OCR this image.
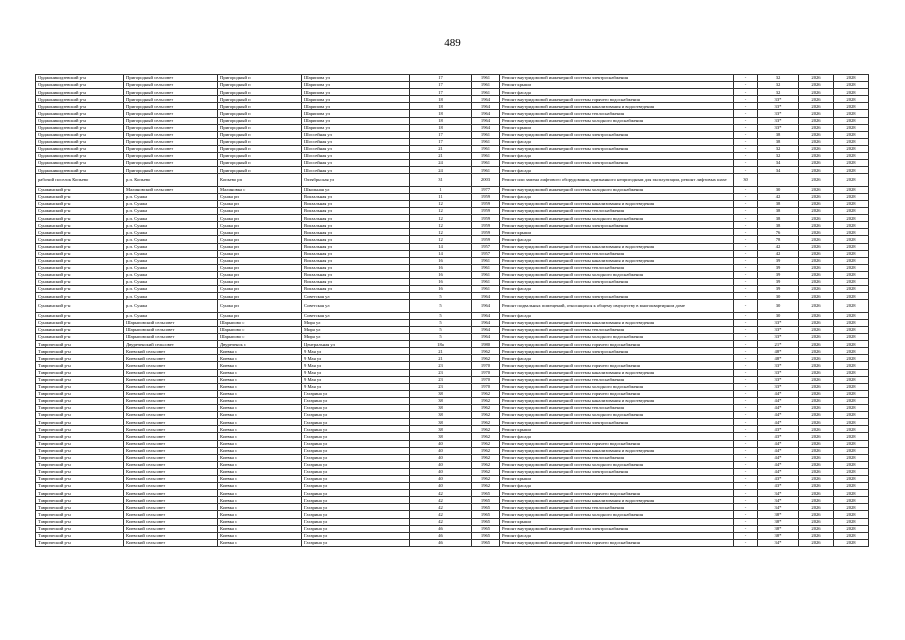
489
Орджоникидзевский р-н	Пригородный сельсовет	Пригородный п	Шарипова ул	17	1961	Ремонт внутридомовой инженерной системы электроснабжения	-	32	2026	2028
Орджоникидзевский р-н	Пригородный сельсовет	Пригородный п	Шарипова ул	17	1961	Ремонт крыши	-	32	2026	2028
Орджоникидзевский р-н	Пригородный сельсовет	Пригородный п	Шарипова ул	17	1961	Ремонт фасада	-	32	2026	2028
Орджоникидзевский р-н	Пригородный сельсовет	Пригородный п	Шарипова ул	18	1964	Ремонт внутридомовой инженерной системы горячего водоснабжения	-	33*	2026	2028
Орджоникидзевский р-н	Пригородный сельсовет	Пригородный п	Шарипова ул	18	1964	Ремонт внутридомовой инженерной системы канализования и водоотведения	-	33*	2026	2028
Орджоникидзевский р-н	Пригородный сельсовет	Пригородный п	Шарипова ул	18	1964	Ремонт внутридомовой инженерной системы теплоснабжения	-	33*	2026	2028
Орджоникидзевский р-н	Пригородный сельсовет	Пригородный п	Шарипова ул	18	1964	Ремонт внутридомовой инженерной системы холодного водоснабжения	-	33*	2026	2028
Орджоникидзевский р-н	Пригородный сельсовет	Пригородный п	Шарипова ул	18	1964	Ремонт крыши	-	33*	2026	2028
Орджоникидзевский р-н	Пригородный сельсовет	Пригородный п	Шоссейная ул	17	1961	Ремонт внутридомовой инженерной системы электроснабжения	-	38	2026	2028
Орджоникидзевский р-н	Пригородный сельсовет	Пригородный п	Шоссейная ул	17	1961	Ремонт фасада	-	38	2026	2028
Орджоникидзевский р-н	Пригородный сельсовет	Пригородный п	Шоссейная ул	21	1961	Ремонт внутридомовой инженерной системы электроснабжения	-	32	2026	2028
Орджоникидзевский р-н	Пригородный сельсовет	Пригородный п	Шоссейная ул	21	1961	Ремонт фасада	-	32	2026	2028
Орджоникидзевский р-н	Пригородный сельсовет	Пригородный п	Шоссейная ул	24	1961	Ремонт внутридомовой инженерной системы электроснабжения	-	34	2026	2028
Орджоникидзевский р-н	Пригородный сельсовет	Пригородный п	Шоссейная ул	24	1961	Ремонт фасада	-	34	2026	2028
рабочий поселок Копьево	р.п. Копьево	Копьево рп	Октябрьская ул	31	2003	Ремонт или замена лифтового оборудования, признанного непригодным для эксплуатации, ремонт лифтовых шахт	30		2026	2028
Сунжинский р-н	Малиновский сельсовет	Малиновка с	Школьная ул	1	1977	Ремонт внутридомовой инженерной системы холодного водоснабжения	-	30	2026	2028
Сунжинский р-н	р.п. Сунжа	Сунжа рп	Вокзальная ул	11	1959	Ремонт фасада	-	42	2026	2028
Сунжинский р-н	р.п. Сунжа	Сунжа рп	Вокзальная ул	12	1959	Ремонт внутридомовой инженерной системы канализования и водоотведения	-	38	2026	2028
Сунжинский р-н	р.п. Сунжа	Сунжа рп	Вокзальная ул	12	1959	Ремонт внутридомовой инженерной системы теплоснабжения	-	38	2026	2028
Сунжинский р-н	р.п. Сунжа	Сунжа рп	Вокзальная ул	12	1959	Ремонт внутридомовой инженерной системы холодного водоснабжения	-	38	2026	2028
Сунжинский р-н	р.п. Сунжа	Сунжа рп	Вокзальная ул	12	1959	Ремонт внутридомовой инженерной системы электроснабжения	-	38	2026	2028
Сунжинский р-н	р.п. Сунжа	Сунжа рп	Вокзальная ул	12	1959	Ремонт крыши	-	76	2026	2028
Сунжинский р-н	р.п. Сунжа	Сунжа рп	Вокзальная ул	12	1959	Ремонт фасада	-	78	2026	2028
Сунжинский р-н	р.п. Сунжа	Сунжа рп	Вокзальная ул	14	1957	Ремонт внутридомовой инженерной системы канализования и водоотведения	-	42	2026	2028
Сунжинский р-н	р.п. Сунжа	Сунжа рп	Вокзальная ул	14	1957	Ремонт внутридомовой инженерной системы теплоснабжения	-	42	2026	2028
Сунжинский р-н	р.п. Сунжа	Сунжа рп	Вокзальная ул	16	1961	Ремонт внутридомовой инженерной системы канализования и водоотведения	-	39	2026	2028
Сунжинский р-н	р.п. Сунжа	Сунжа рп	Вокзальная ул	16	1961	Ремонт внутридомовой инженерной системы теплоснабжения	-	39	2026	2028
Сунжинский р-н	р.п. Сунжа	Сунжа рп	Вокзальная ул	16	1961	Ремонт внутридомовой инженерной системы холодного водоснабжения	-	39	2026	2028
Сунжинский р-н	р.п. Сунжа	Сунжа рп	Вокзальная ул	16	1961	Ремонт внутридомовой инженерной системы электроснабжения	-	39	2026	2028
Сунжинский р-н	р.п. Сунжа	Сунжа рп	Вокзальная ул	16	1961	Ремонт фасада	-	39	2026	2028
Сунжинский р-н	р.п. Сунжа	Сунжа рп	Советская ул	5	1964	Ремонт внутридомовой инженерной системы электроснабжения	-	30	2026	2028
Сунжинский р-н	р.п. Сунжа	Сунжа рп	Советская ул	5	1964	Ремонт подвальных помещений, относящихся к общему имуществу в многоквартирном доме	-	30	2026	2028
Сунжинский р-н	р.п. Сунжа	Сунжа рп	Советская ул	5	1964	Ремонт фасада	-	30	2026	2028
Сунжинский р-н	Шарыповский сельсовет	Шарыпово с	Мира ул	5	1964	Ремонт внутридомовой инженерной системы канализования и водоотведения	-	33*	2026	2028
Сунжинский р-н	Шарыповский сельсовет	Шарыпово с	Мира ул	5	1964	Ремонт внутридомовой инженерной системы теплоснабжения	-	33*	2026	2028
Сунжинский р-н	Шарыповский сельсовет	Шарыпово с	Мира ул	5	1964	Ремонт внутридомовой инженерной системы холодного водоснабжения	-	33*	2026	2028
Таврический р-н	Двуреченский сельсовет	Двуреченск с	Центральная ул	18а	1980	Ремонт внутридомовой инженерной системы горячего водоснабжения	-	21*	2026	2028
Таврический р-н	Киевский сельсовет	Киевка с	9 Мая ул	21	1962	Ремонт внутридомовой инженерной системы электроснабжения	-	48*	2026	2028
Таврический р-н	Киевский сельсовет	Киевка с	9 Мая ул	21	1962	Ремонт фасада	-	48*	2026	2028
Таврический р-н	Киевский сельсовет	Киевка с	9 Мая ул	23	1970	Ремонт внутридомовой инженерной системы горячего водоснабжения	-	33*	2026	2028
Таврический р-н	Киевский сельсовет	Киевка с	9 Мая ул	23	1970	Ремонт внутридомовой инженерной системы канализования и водоотведения	-	33*	2026	2028
Таврический р-н	Киевский сельсовет	Киевка с	9 Мая ул	23	1970	Ремонт внутридомовой инженерной системы теплоснабжения	-	33*	2026	2028
Таврический р-н	Киевский сельсовет	Киевка с	9 Мая ул	23	1970	Ремонт внутридомовой инженерной системы холодного водоснабжения	-	33*	2026	2028
Таврический р-н	Киевский сельсовет	Киевка с	Гагарина ул	38	1962	Ремонт внутридомовой инженерной системы горячего водоснабжения	-	44*	2026	2028
Таврический р-н	Киевский сельсовет	Киевка с	Гагарина ул	38	1962	Ремонт внутридомовой инженерной системы канализования и водоотведения	-	44*	2026	2028
Таврический р-н	Киевский сельсовет	Киевка с	Гагарина ул	38	1962	Ремонт внутридомовой инженерной системы теплоснабжения	-	44*	2026	2028
Таврический р-н	Киевский сельсовет	Киевка с	Гагарина ул	38	1962	Ремонт внутридомовой инженерной системы холодного водоснабжения	-	44*	2026	2028
Таврический р-н	Киевский сельсовет	Киевка с	Гагарина ул	38	1962	Ремонт внутридомовой инженерной системы электроснабжения	-	44*	2026	2028
Таврический р-н	Киевский сельсовет	Киевка с	Гагарина ул	38	1962	Ремонт крыши	-	43*	2026	2028
Таврический р-н	Киевский сельсовет	Киевка с	Гагарина ул	38	1962	Ремонт фасада	-	43*	2026	2028
Таврический р-н	Киевский сельсовет	Киевка с	Гагарина ул	40	1962	Ремонт внутридомовой инженерной системы горячего водоснабжения	-	44*	2026	2028
Таврический р-н	Киевский сельсовет	Киевка с	Гагарина ул	40	1962	Ремонт внутридомовой инженерной системы канализования и водоотведения	-	44*	2026	2028
Таврический р-н	Киевский сельсовет	Киевка с	Гагарина ул	40	1962	Ремонт внутридомовой инженерной системы теплоснабжения	-	44*	2026	2028
Таврический р-н	Киевский сельсовет	Киевка с	Гагарина ул	40	1962	Ремонт внутридомовой инженерной системы холодного водоснабжения	-	44*	2026	2028
Таврический р-н	Киевский сельсовет	Киевка с	Гагарина ул	40	1962	Ремонт внутридомовой инженерной системы электроснабжения	-	44*	2026	2028
Таврический р-н	Киевский сельсовет	Киевка с	Гагарина ул	40	1962	Ремонт крыши	-	43*	2026	2028
Таврический р-н	Киевский сельсовет	Киевка с	Гагарина ул	40	1962	Ремонт фасада	-	43*	2026	2028
Таврический р-н	Киевский сельсовет	Киевка с	Гагарина ул	42	1965	Ремонт внутридомовой инженерной системы горячего водоснабжения	-	34*	2026	2028
Таврический р-н	Киевский сельсовет	Киевка с	Гагарина ул	42	1965	Ремонт внутридомовой инженерной системы канализования и водоотведения	-	34*	2026	2028
Таврический р-н	Киевский сельсовет	Киевка с	Гагарина ул	42	1965	Ремонт внутридомовой инженерной системы теплоснабжения	-	34*	2026	2028
Таврический р-н	Киевский сельсовет	Киевка с	Гагарина ул	42	1965	Ремонт внутридомовой инженерной системы холодного водоснабжения	-	38*	2026	2028
Таврический р-н	Киевский сельсовет	Киевка с	Гагарина ул	42	1965	Ремонт крыши	-	38*	2026	2028
Таврический р-н	Киевский сельсовет	Киевка с	Гагарина ул	46	1965	Ремонт внутридомовой инженерной системы электроснабжения	-	38*	2026	2028
Таврический р-н	Киевский сельсовет	Киевка с	Гагарина ул	46	1965	Ремонт фасада	-	38*	2026	2028
Таврический р-н	Киевский сельсовет	Киевка с	Гагарина ул	46	1965	Ремонт внутридомовой инженерной системы горячего водоснабжения	-	34*	2026	2028
